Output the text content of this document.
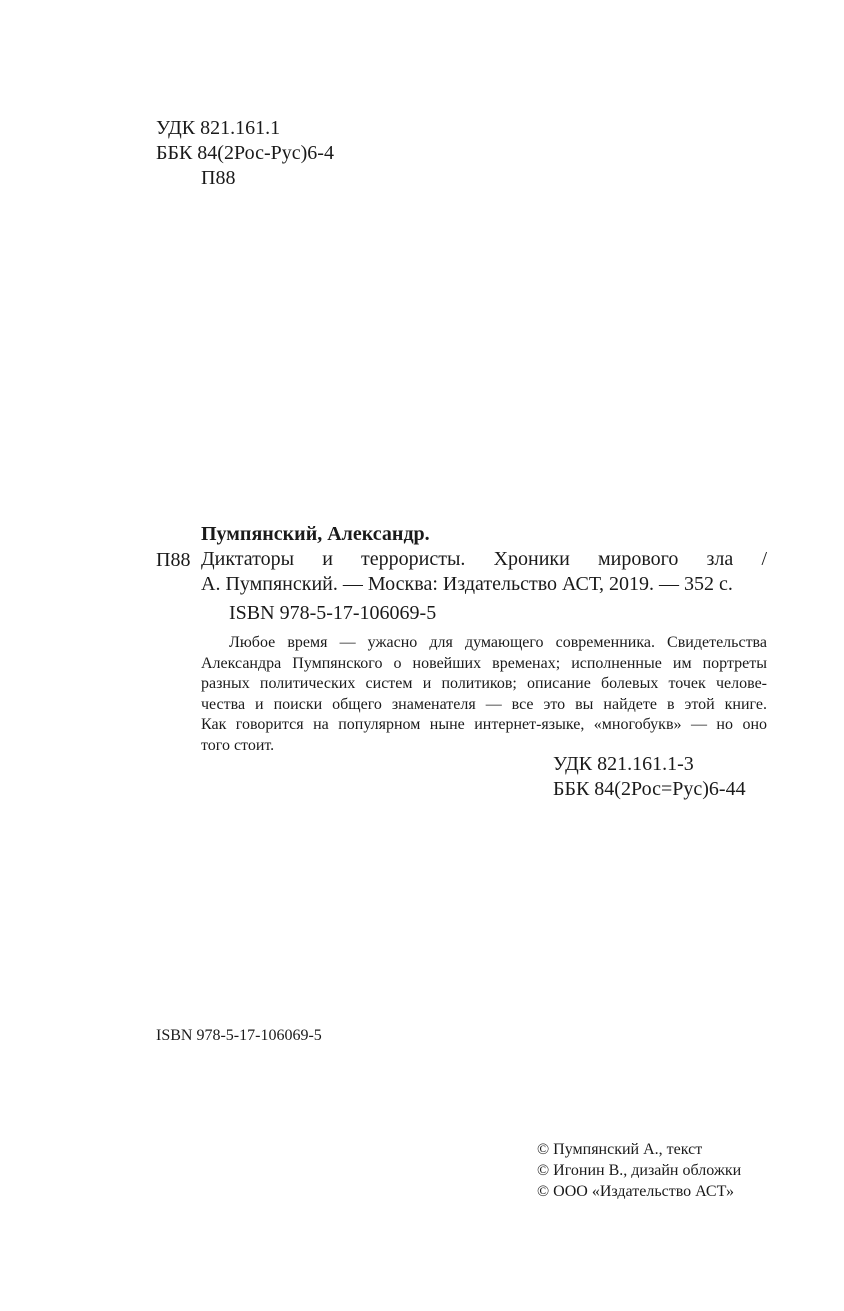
УДК 821.161.1
ББК 84(2Рос-Рус)6-4
П88
П88
Пумпянский, Александр.
Диктаторы и террористы. Хроники мирового зла /
А. Пумпянский. — Москва: Издательство АСТ, 2019. — 352 с.
ISBN 978-5-17-106069-5
Любое время — ужасно для думающего современника. Свидетельства
Александра Пумпянского о новейших временах; исполненные им портреты
разных политических систем и политиков; описание болевых точек челове-
чества и поиски общего знаменателя — все это вы найдете в этой книге.
Как говорится на популярном ныне интернет-языке, «многобукв» — но оно
того стоит.
УДК 821.161.1-3
ББК 84(2Рос=Рус)6-44
ISBN 978-5-17-106069-5
© Пумпянский А., текст
© Игонин В., дизайн обложки
© ООО «Издательство АСТ»
